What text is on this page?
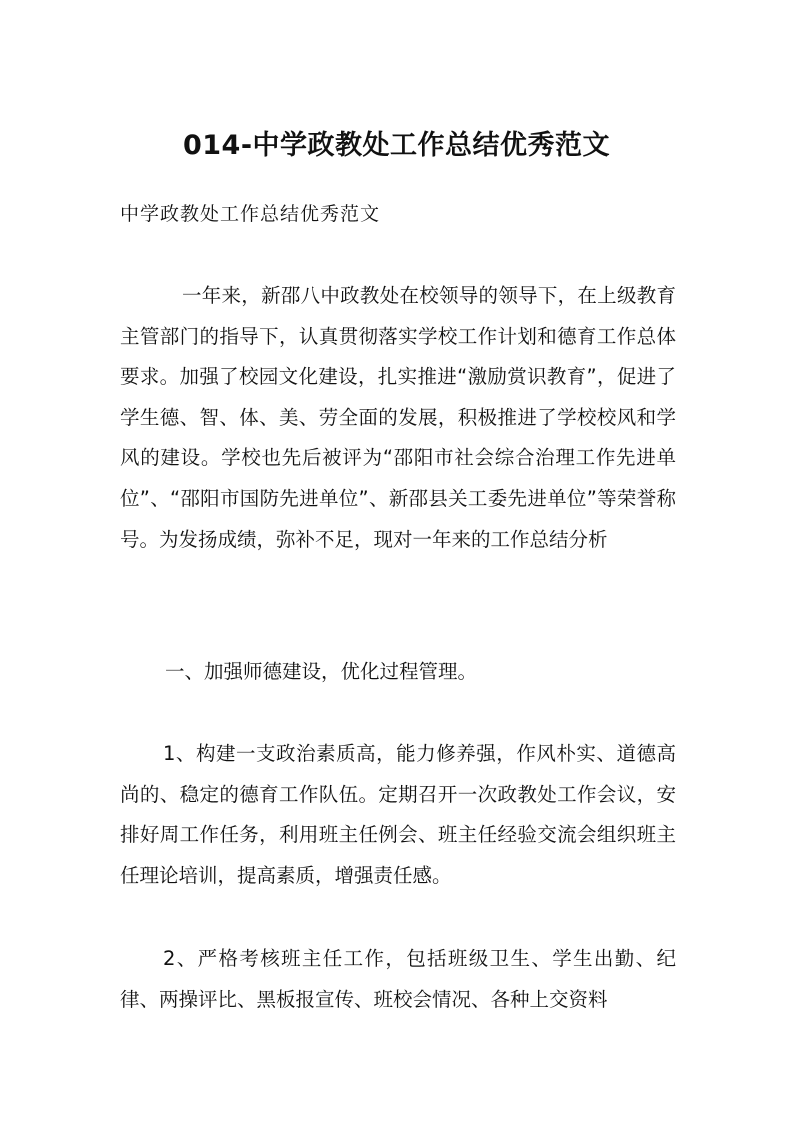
014-中学政教处工作总结优秀范文
中学政教处工作总结优秀范文

一年来，新邵八中政教处在校领导的领导下，在上级教育主管部门的指导下，认真贯彻落实学校工作计划和德育工作总体要求。加强了校园文化建设，扎实推进“激励赏识教育”，促进了学生德、智、体、美、劳全面的发展，积极推进了学校校风和学风的建设。学校也先后被评为“邵阳市社会综合治理工作先进单位”、“邵阳市国防先进单位”、新邵县关工委先进单位”等荣誉称号。为发扬成绩，弥补不足，现对一年来的工作总结分析

一、加强师德建设，优化过程管理。

1、构建一支政治素质高，能力修养强，作风朴实、道德高尚的、稳定的德育工作队伍。定期召开一次政教处工作会议，安排好周工作任务，利用班主任例会、班主任经验交流会组织班主任理论培训，提高素质，增强责任感。

2、严格考核班主任工作，包括班级卫生、学生出勤、纪律、两操评比、黑板报宣传、班校会情况、各种上交资料
